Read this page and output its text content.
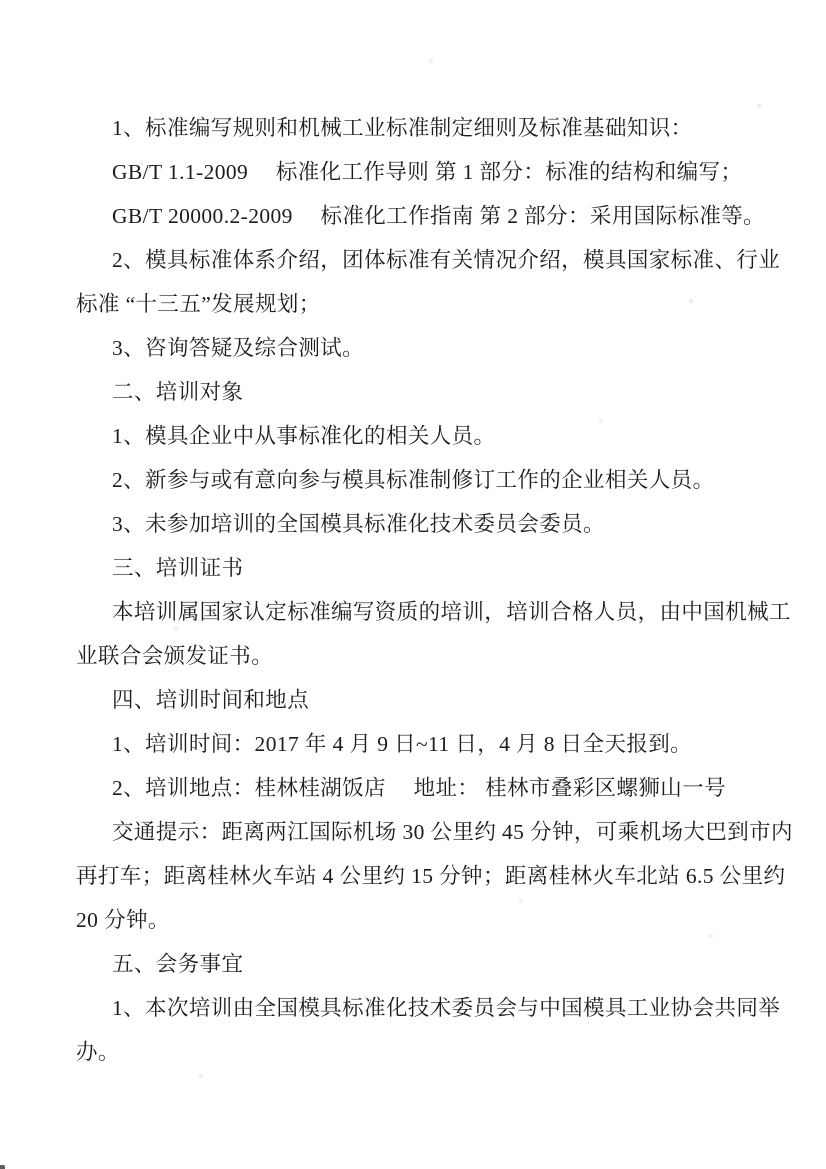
1、标准编写规则和机械工业标准制定细则及标准基础知识：
GB/T 1.1-2009　 标准化工作导则 第 1 部分：标准的结构和编写；
GB/T 20000.2-2009　 标准化工作指南 第 2 部分：采用国际标准等。
2、模具标准体系介绍，团体标准有关情况介绍，模具国家标准、行业
标准 “十三五”发展规划；
3、咨询答疑及综合测试。
二、培训对象
1、模具企业中从事标准化的相关人员。
2、新参与或有意向参与模具标准制修订工作的企业相关人员。
3、未参加培训的全国模具标准化技术委员会委员。
三、培训证书
本培训属国家认定标准编写资质的培训，培训合格人员，由中国机械工
业联合会颁发证书。
四、培训时间和地点
1、培训时间：2017 年 4 月 9 日~11 日，4 月 8 日全天报到。
2、培训地点：桂林桂湖饭店　 地址： 桂林市叠彩区螺狮山一号
交通提示：距离两江国际机场 30 公里约 45 分钟，可乘机场大巴到市内
再打车；距离桂林火车站 4 公里约 15 分钟；距离桂林火车北站 6.5 公里约
20 分钟。
五、会务事宜
1、本次培训由全国模具标准化技术委员会与中国模具工业协会共同举
办。
